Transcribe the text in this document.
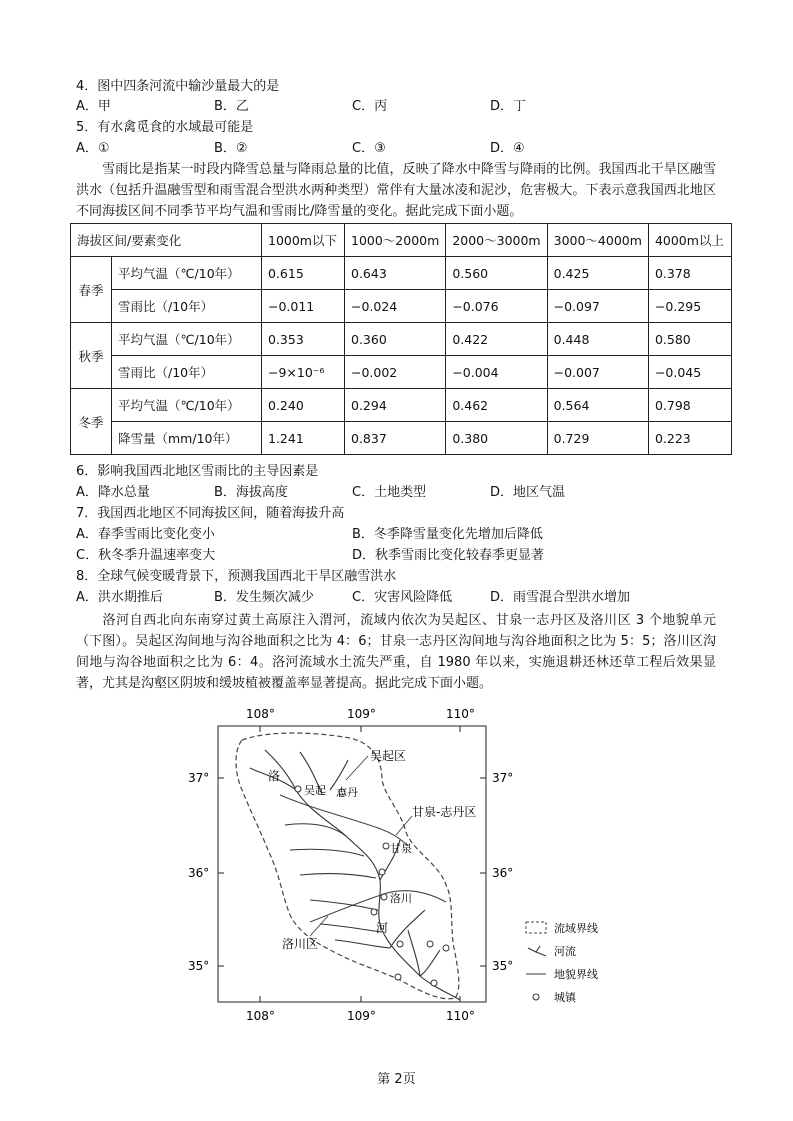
4．图中四条河流中输沙量最大的是
A．甲	B．乙	C．丙	D．丁
5．有水禽觅食的水域最可能是
A．①	B．②	C．③	D．④
雪雨比是指某一时段内降雪总量与降雨总量的比值，反映了降水中降雪与降雨的比例。我国西北干旱区融雪洪水（包括升温融雪型和雨雪混合型洪水两种类型）常伴有大量冰凌和泥沙，危害极大。下表示意我国西北地区不同海拔区间不同季节平均气温和雪雨比/降雪量的变化。据此完成下面小题。
海拔区间/要素变化		1000m以下	1000～2000m	2000～3000m	3000～4000m	4000m以上
春季	平均气温（℃/10年）	0.615	0.643	0.560	0.425	0.378
	雪雨比（/10年）	−0.011	−0.024	−0.076	−0.097	−0.295
秋季	平均气温（℃/10年）	0.353	0.360	0.422	0.448	0.580
	雪雨比（/10年）	−9×10⁻⁶	−0.002	−0.004	−0.007	−0.045
冬季	平均气温（℃/10年）	0.240	0.294	0.462	0.564	0.798
	降雪量（mm/10年）	1.241	0.837	0.380	0.729	0.223
6．影响我国西北地区雪雨比的主导因素是
A．降水总量	B．海拔高度	C．土地类型	D．地区气温
7．我国西北地区不同海拔区间，随着海拔升高
A．春季雪雨比变化变小	B．冬季降雪量变化先增加后降低
C．秋冬季升温速率变大	D．秋季雪雨比变化较春季更显著
8．全球气候变暖背景下，预测我国西北干旱区融雪洪水
A．洪水期推后	B．发生频次减少	C．灾害风险降低	D．雨雪混合型洪水增加
洛河自西北向东南穿过黄土高原注入渭河，流域内依次为吴起区、甘泉一志丹区及洛川区 3 个地貌单元（下图）。吴起区沟间地与沟谷地面积之比为 4：6；甘泉一志丹区沟间地与沟谷地面积之比为 5：5；洛川区沟间地与沟谷地面积之比为 6：4。洛河流域水土流失严重，自 1980 年以来，实施退耕还林还草工程后效果显著，尤其是沟壑区阴坡和缓坡植被覆盖率显著提高。据此完成下面小题。
108°	109°	110°
108°	109°	110°
37°
36°
35°
37°
36°
35°
吴起区
洛
吴起 志丹
甘泉-志丹区
甘泉
洛川
河
洛川区
流域界线
河流
地貌界线
城镇
第 2页
